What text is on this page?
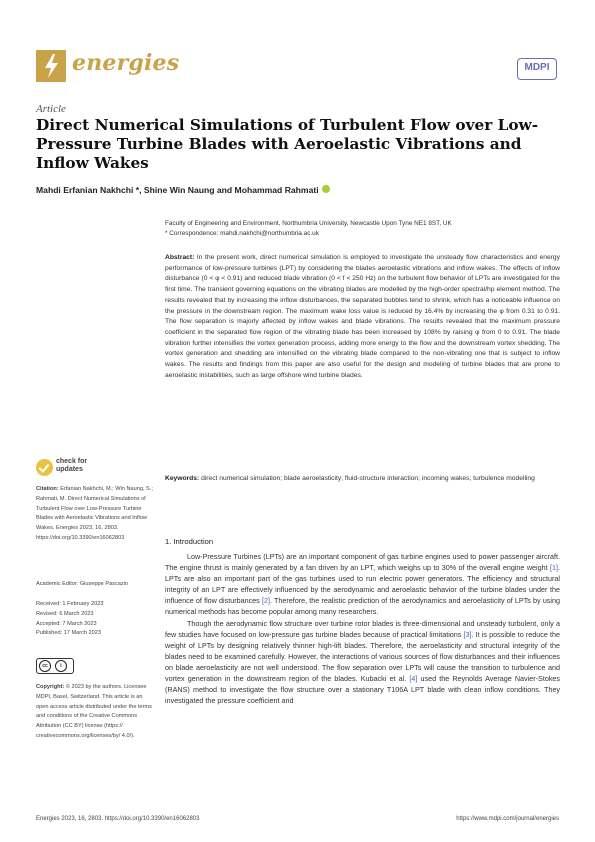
energies	MDPI
Article
Direct Numerical Simulations of Turbulent Flow over Low-Pressure Turbine Blades with Aeroelastic Vibrations and Inflow Wakes
Mahdi Erfanian Nakhchi *, Shine Win Naung and Mohammad Rahmati
Faculty of Engineering and Environment, Northumbria University, Newcastle Upon Tyne NE1 8ST, UK
* Correspondence: mahdi.nakhchi@northumbria.ac.uk
Abstract: In the present work, direct numerical simulation is employed to investigate the unsteady flow characteristics and energy performance of low-pressure turbines (LPT) by considering the blades aeroelastic vibrations and inflow wakes. The effects of inflow disturbance (0 < φ < 0.91) and reduced blade vibration (0 < f < 250 Hz) on the turbulent flow behavior of LPTs are investigated for the first time. The transient governing equations on the vibrating blades are modelled by the high-order spectral/hp element method. The results revealed that by increasing the inflow disturbances, the separated bubbles tend to shrink, which has a noticeable influence on the pressure in the downstream region. The maximum wake loss value is reduced by 16.4% by increasing the φ from 0.31 to 0.91. The flow separation is majorly affected by inflow wakes and blade vibrations. The results revealed that the maximum pressure coefficient in the separated flow region of the vibrating blade has been increased by 108% by raising φ from 0 to 0.91. The blade vibration further intensifies the vortex generation process, adding more energy to the flow and the downstream vortex shedding. The vortex generation and shedding are intensified on the vibrating blade compared to the non-vibrating one that is subject to inflow wakes. The results and findings from this paper are also useful for the design and modeling of turbine blades that are prone to aeroelastic instabilities, such as large offshore wind turbine blades.
Keywords: direct numerical simulation; blade aeroelasticity; fluid-structure interaction; incoming wakes; turbulence modelling
check for updates
Citation: Erfanian Nakhchi, M.; Win Naung, S.; Rahmati, M. Direct Numerical Simulations of Turbulent Flow over Low-Pressure Turbine Blades with Aeroelastic Vibrations and Inflow Wakes. Energies 2023, 16, 2803. https://doi.org/10.3390/en16062803
Academic Editor: Giuseppe Pascazio
Received: 1 February 2023
Revised: 6 March 2023
Accepted: 7 March 2023
Published: 17 March 2023
cc	i
Copyright: © 2023 by the authors. Licensee MDPI, Basel, Switzerland. This article is an open access article distributed under the terms and conditions of the Creative Commons Attribution (CC BY) license (https:// creativecommons.org/licenses/by/ 4.0/).
1. Introduction

Low-Pressure Turbines (LPTs) are an important component of gas turbine engines used to power passenger aircraft. The engine thrust is mainly generated by a fan driven by an LPT, which weighs up to 30% of the overall engine weight [1]. LPTs are also an important part of the gas turbines used to run electric power generators. The efficiency and structural integrity of an LPT are effectively influenced by the aerodynamic and aeroelastic behavior of the turbine blades under the influence of flow disturbances [2]. Therefore, the realistic prediction of the aerodynamics and aeroelasticity of LPTs by using numerical methods has become popular among many researchers.

Though the aerodynamic flow structure over turbine rotor blades is three-dimensional and unsteady turbulent, only a few studies have focused on low-pressure gas turbine blades because of practical limitations [3]. It is possible to reduce the weight of LPTs by designing relatively thinner high-lift blades. Therefore, the aeroelasticity and structural integrity of the blades need to be examined carefully. However, the interactions of various sources of flow disturbances and their influences on blade aeroelasticity are not well understood. The flow separation over LPTs will cause the transition to turbulence and vortex generation in the downstream region of the blades. Kubacki et al. [4] used the Reynolds Average Navier-Stokes (RANS) method to investigate the flow structure over a stationary T106A LPT blade with clean inflow conditions. They investigated the pressure coefficient and

Energies 2023, 16, 2803. https://doi.org/10.3390/en16062803	https://www.mdpi.com/journal/energies
